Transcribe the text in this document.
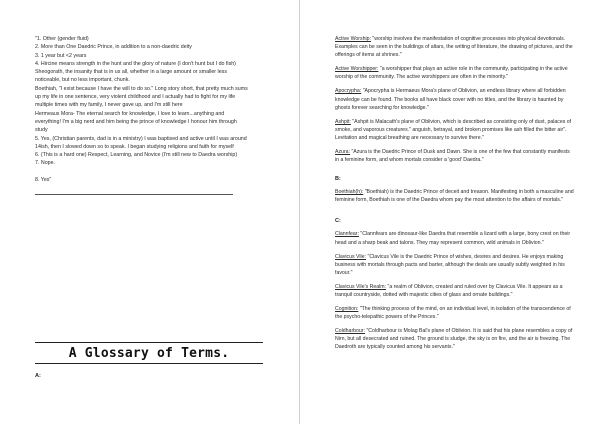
"1. Other (gender fluid)

2. More than One Daedric Prince, in addition to a non-daedric deity

3. 1 year but <2 years

4. Hircine means strength in the hunt and the glory of nature (I don't hunt but I do fish)

Sheogorath, the insanity that is in us all, whether in a large amount or smaller less

noticeable, but no less important, chunk.

Boethiah, "I exist because I have the will to do so." Long story short, that pretty much sums

up my life in one sentence, very violent childhood and I actually had to fight for my life

multiple times with my family, I never gave up, and I'm still here

Hermeaus Mora- The eternal search for knowledge, I love to learn...anything and

everything! I'm a big nerd and him being the prince of knowledge I honour him through

study

5. Yes, (Christian parents, dad is in a ministry) I was baptised and active until I was around

14ish, then I slowed down so to speak. I began studying religions and faith for myself

6. (This is a hard one) Respect, Learning, and Novice (I'm still new to Daedra worship)

7. Nope.

8. Yes"

A Glossary of Terms.
A:

Active Worship: "worship involves the manifestation of cognitive processes into physical devotionals. Examples can be seen in the buildings of altars, the writing of literature, the drawing of pictures, and the offerings of items at shrines."

Active Worshipper: "a worshipper that plays an active role in the community, participating in the active worship of the community. The active worshippers are often in the minority."

Apocrypha: "Apocrypha is Hermaeus Mora's plane of Oblivion, an endless library where all forbidden knowledge can be found. The books all have black cover with no titles, and the library is haunted by ghosts forever searching for knowledge."

Ashpit: "Ashpit is Malacath's plane of Oblivion, which is described as consisting only of dust, palaces of smoke, and vaporous creatures." anguish, betrayal, and broken promises like ash filled the bitter air". Levitation and magical breathing are necessary to survive there."

Azura: "Azura is the Daedric Prince of Dusk and Dawn. She is one of the few that constantly manifests in a feminine form, and whom mortals consider a 'good' Daedra."

B:

Boethiah(h): "Boethiah) is the Daedric Prince of deceit and treason. Manifesting in both a masculine and feminine form, Boethiah is one of the Daedra whom pay the most attention to the affairs of mortals."

C:

Clannfear: "Clannfears are dinosaur-like Daedra that resemble a lizard with a large, bony crest on their head and a sharp beak and talons. They may represent common, wild animals in Oblivion."

Clavicus Vile: "Clavicus Vile is the Daedric Prince of wishes, desires and desires. He enjoys making business with mortals through pacts and barter, although the deals are usually subtly weighted in his favour."

Clavicus Vile's Realm: "a realm of Oblivion, created and ruled over by Clavicus Vile. It appears as a tranquil countryside, dotted with majestic cities of glass and ornate buildings."

Cognition: "The thinking process of the mind, on an individual level, in isolation of the transcendence of the psycho-telepathic powers of the Princes."

Coldharbour: "Coldharbour is Molag Bal's plane of Oblivion. It is said that his plane resembles a copy of Nirn, but all desecrated and ruined. The ground is sludge, the sky is on fire, and the air is freezing. The Daedroth are typically counted among his servants."
